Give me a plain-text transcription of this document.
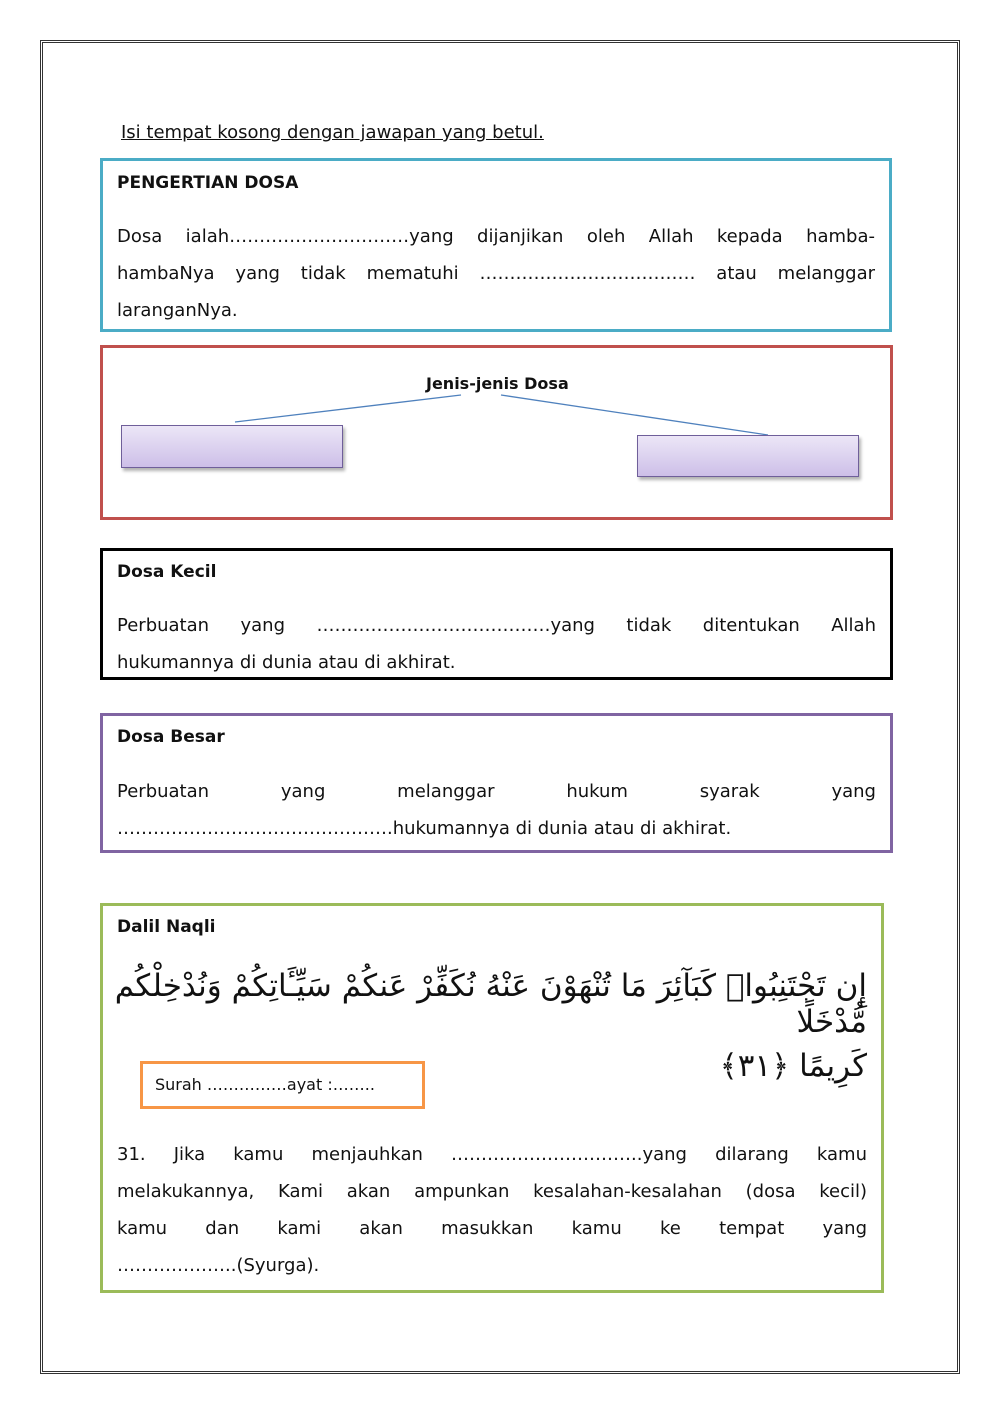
Isi tempat kosong dengan jawapan yang betul.
PENGERTIAN DOSA
Dosa ialah…………………………yang dijanjikan oleh Allah kepada hamba-
hambaNya yang tidak mematuhi ……………………………… atau melanggar
laranganNya.
Jenis-jenis Dosa
Dosa Kecil
Perbuatan yang …………………………………yang tidak ditentukan Allah
hukumannya di dunia atau di akhirat.
Dosa Besar
Perbuatan yang melanggar hukum syarak yang
……………………………………….hukumannya di dunia atau di akhirat.
Dalil Naqli
إِن تَجْتَنِبُوا۟ كَبَآئِرَ مَا تُنْهَوْنَ عَنْهُ نُكَفِّرْ عَنكُمْ سَيِّـَٔاتِكُمْ وَنُدْخِلْكُم مُّدْخَلًا
كَرِيمًا ﴿٣١﴾
Surah ……………ayat :……..
31. Jika kamu menjauhkan …………………………..yang dilarang kamu
melakukannya, Kami akan ampunkan kesalahan-kesalahan (dosa kecil)
kamu dan kami akan masukkan kamu ke tempat yang
………………..(Syurga).
